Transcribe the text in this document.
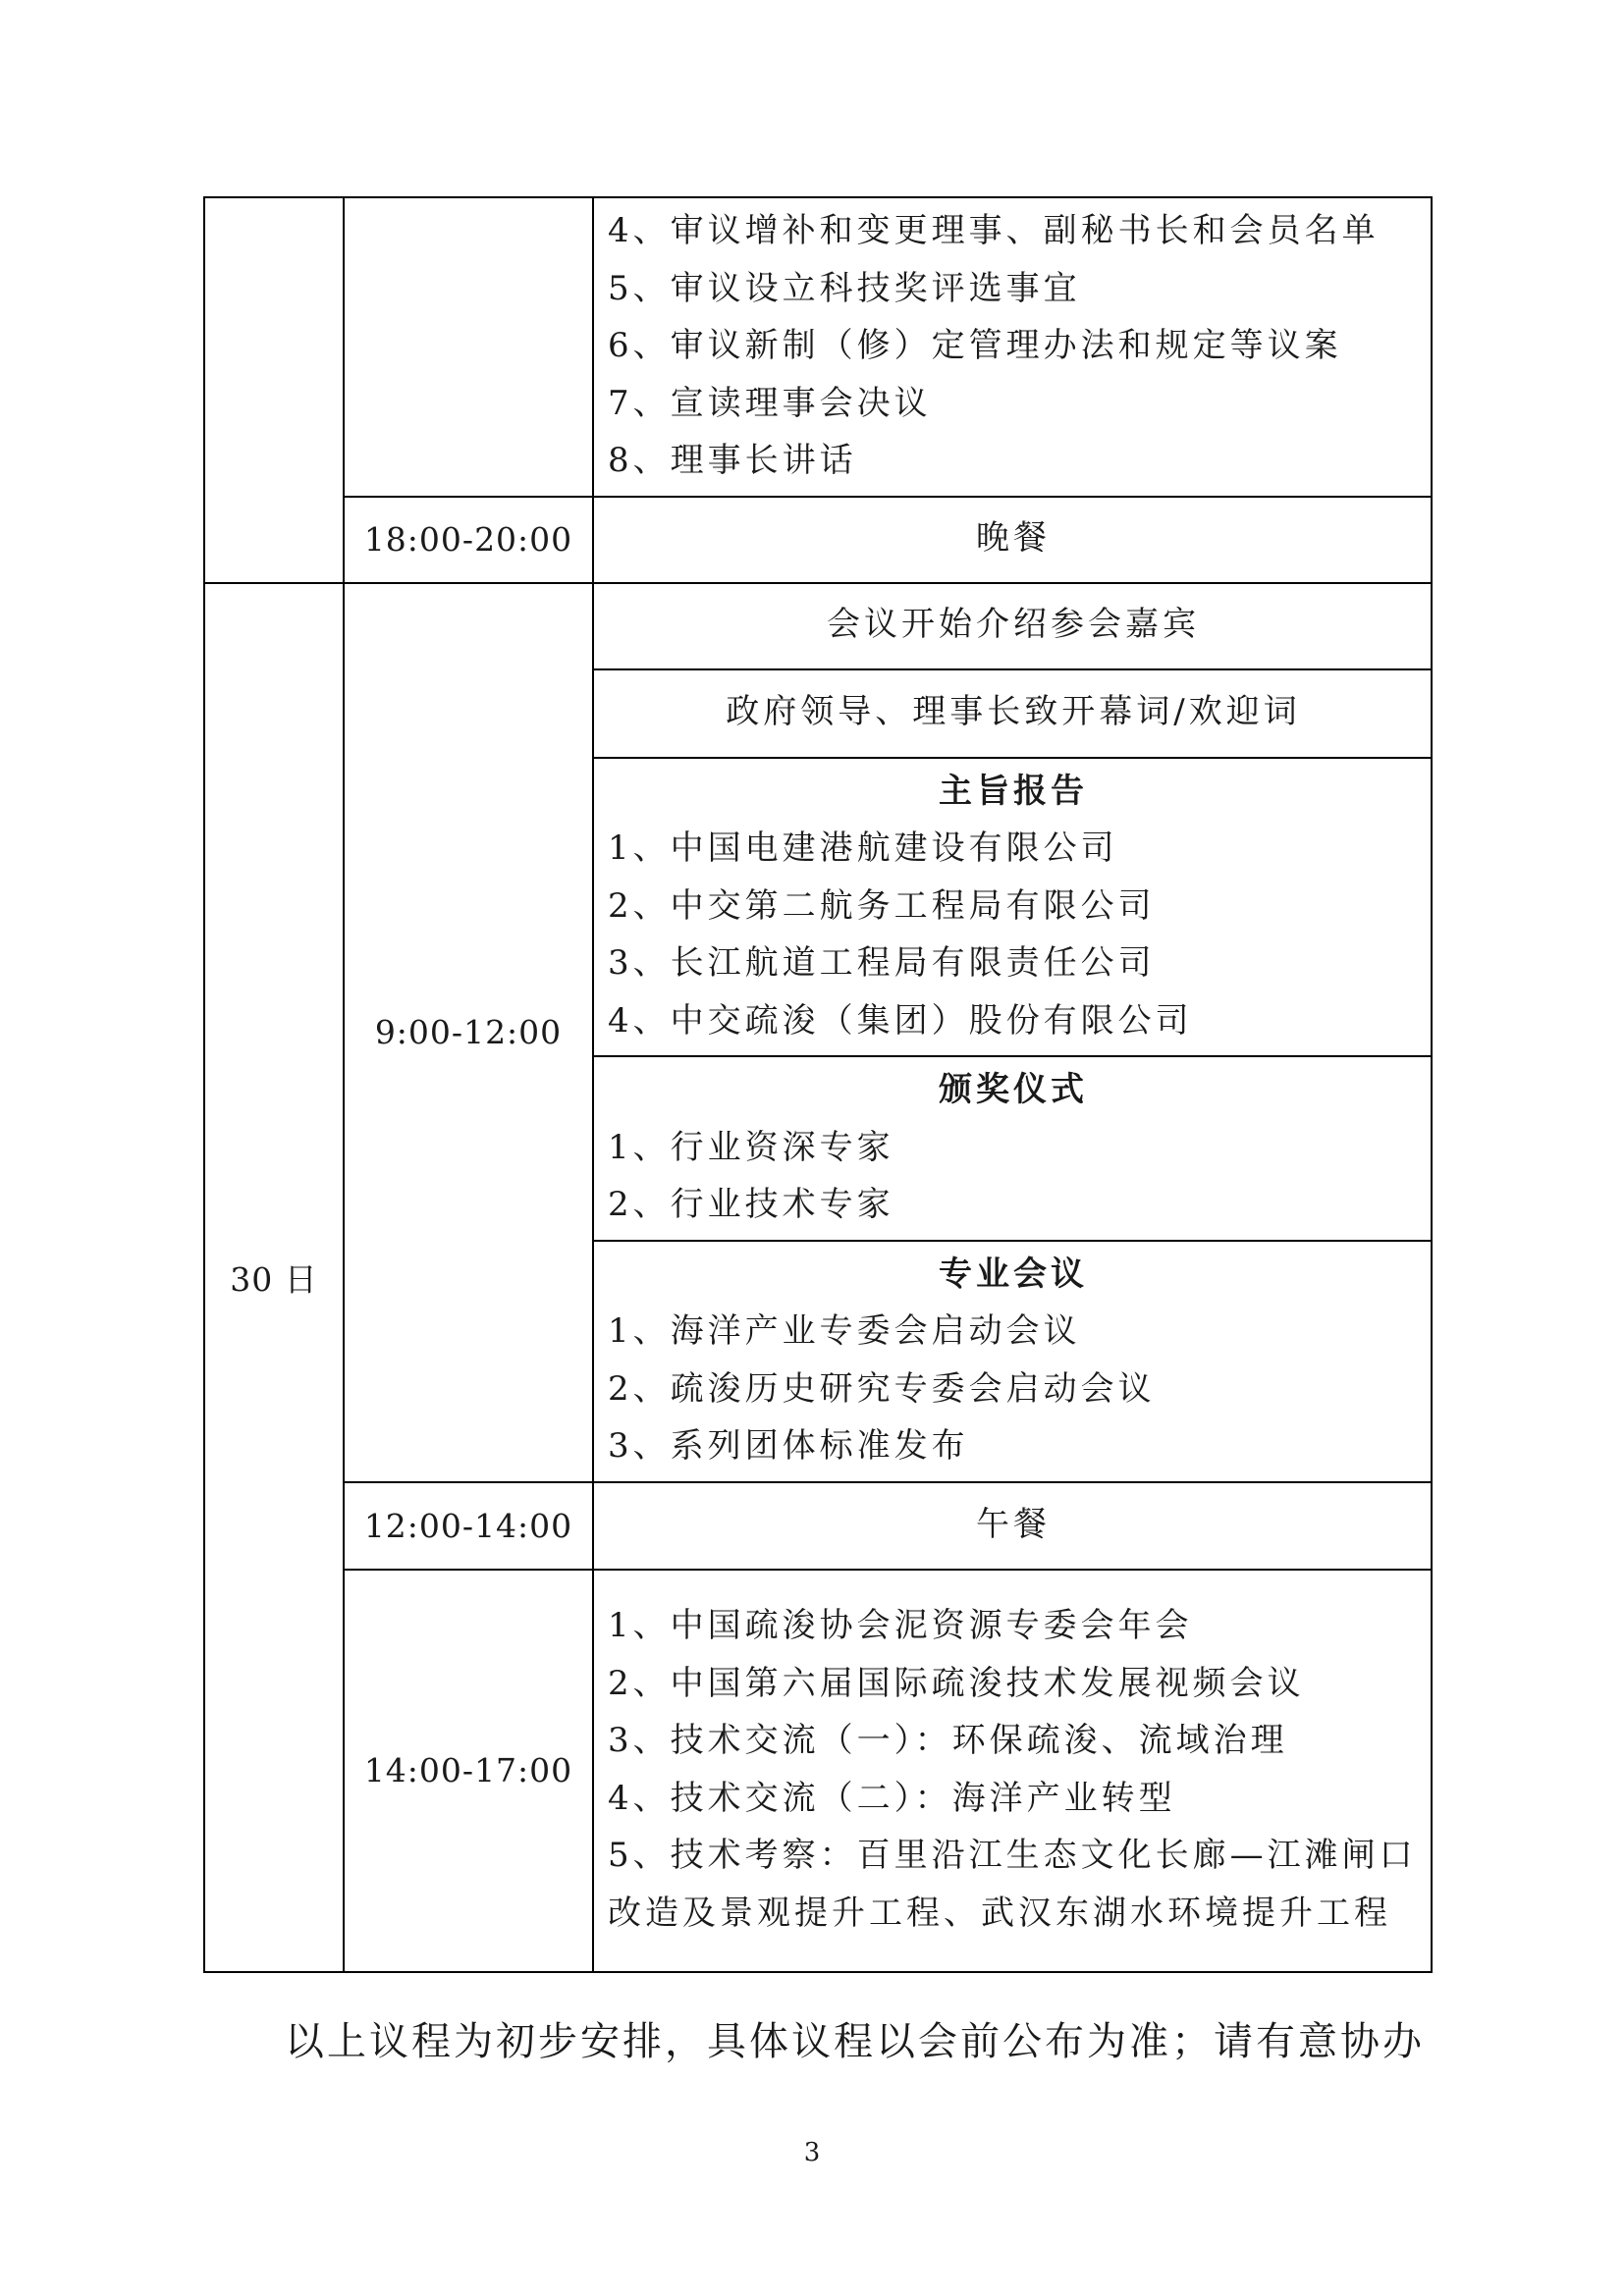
		4、审议增补和变更理事、副秘书长和会员名单
5、审议设立科技奖评选事宜
6、审议新制（修）定管理办法和规定等议案
7、宣读理事会决议
8、理事长讲话

	18:00-20:00	晚餐
30 日	9:00-12:00	会议开始介绍参会嘉宾
		政府领导、理事长致开幕词/欢迎词

		主旨报告
1、中国电建港航建设有限公司
2、中交第二航务工程局有限公司
3、长江航道工程局有限责任公司
4、中交疏浚（集团）股份有限公司

		颁奖仪式
1、行业资深专家
2、行业技术专家

		专业会议
1、海洋产业专委会启动会议
2、疏浚历史研究专委会启动会议
3、系列团体标准发布

	12:00-14:00	午餐
	14:00-17:00	1、中国疏浚协会泥资源专委会年会
2、中国第六届国际疏浚技术发展视频会议
3、技术交流（一）：环保疏浚、流域治理
4、技术交流（二）：海洋产业转型
5、技术考察：百里沿江生态文化长廊—江滩闸口改造及景观提升工程、武汉东湖水环境提升工程
以上议程为初步安排，具体议程以会前公布为准；请有意协办
3
